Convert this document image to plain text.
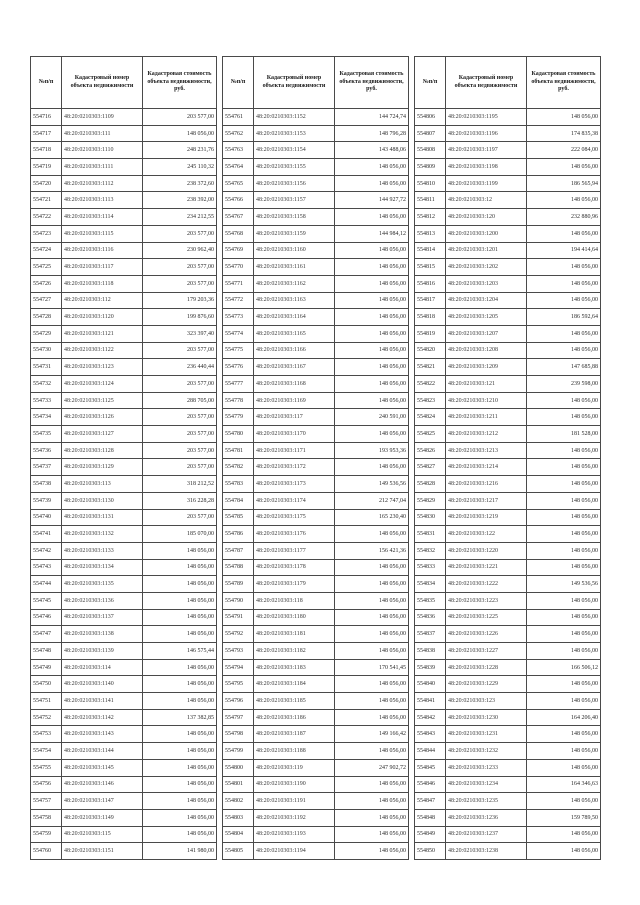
№п/п	Кадастровый номер объекта недвижимости	Кадастровая стоимость объекта недвижимости, руб.
554716	48:20:0210303:1109	203 577,00
554717	48:20:0210303:111	148 056,00
554718	48:20:0210303:1110	248 231,76
554719	48:20:0210303:1111	245 110,32
554720	48:20:0210303:1112	238 372,60
554721	48:20:0210303:1113	238 392,00
554722	48:20:0210303:1114	234 212,55
554723	48:20:0210303:1115	203 577,00
554724	48:20:0210303:1116	230 962,40
554725	48:20:0210303:1117	203 577,00
554726	48:20:0210303:1118	203 577,00
554727	48:20:0210303:112	179 203,36
554728	48:20:0210303:1120	199 876,60
554729	48:20:0210303:1121	323 397,40
554730	48:20:0210303:1122	203 577,00
554731	48:20:0210303:1123	236 440,44
554732	48:20:0210303:1124	203 577,00
554733	48:20:0210303:1125	288 705,00
554734	48:20:0210303:1126	203 577,00
554735	48:20:0210303:1127	203 577,00
554736	48:20:0210303:1128	203 577,00
554737	48:20:0210303:1129	203 577,00
554738	48:20:0210303:113	318 212,52
554739	48:20:0210303:1130	316 228,28
554740	48:20:0210303:1131	203 577,00
554741	48:20:0210303:1132	185 070,00
554742	48:20:0210303:1133	148 056,00
554743	48:20:0210303:1134	148 056,00
554744	48:20:0210303:1135	148 056,00
554745	48:20:0210303:1136	148 056,00
554746	48:20:0210303:1137	148 056,00
554747	48:20:0210303:1138	148 056,00
554748	48:20:0210303:1139	146 575,44
554749	48:20:0210303:114	148 056,00
554750	48:20:0210303:1140	148 056,00
554751	48:20:0210303:1141	148 056,00
554752	48:20:0210303:1142	137 382,85
554753	48:20:0210303:1143	148 056,00
554754	48:20:0210303:1144	148 056,00
554755	48:20:0210303:1145	148 056,00
554756	48:20:0210303:1146	148 056,00
554757	48:20:0210303:1147	148 056,00
554758	48:20:0210303:1149	148 056,00
554759	48:20:0210303:115	148 056,00
554760	48:20:0210303:1151	141 980,00
№п/п	Кадастровый номер объекта недвижимости	Кадастровая стоимость объекта недвижимости, руб.
554761	48:20:0210303:1152	144 724,74
554762	48:20:0210303:1153	148 796,28
554763	48:20:0210303:1154	143 488,06
554764	48:20:0210303:1155	148 056,00
554765	48:20:0210303:1156	148 056,00
554766	48:20:0210303:1157	144 927,72
554767	48:20:0210303:1158	148 056,00
554768	48:20:0210303:1159	144 984,12
554769	48:20:0210303:1160	148 056,00
554770	48:20:0210303:1161	148 056,00
554771	48:20:0210303:1162	148 056,00
554772	48:20:0210303:1163	148 056,00
554773	48:20:0210303:1164	148 056,00
554774	48:20:0210303:1165	148 056,00
554775	48:20:0210303:1166	148 056,00
554776	48:20:0210303:1167	148 056,00
554777	48:20:0210303:1168	148 056,00
554778	48:20:0210303:1169	148 056,00
554779	48:20:0210303:117	240 591,00
554780	48:20:0210303:1170	148 056,00
554781	48:20:0210303:1171	193 953,36
554782	48:20:0210303:1172	148 056,00
554783	48:20:0210303:1173	149 536,56
554784	48:20:0210303:1174	212 747,04
554785	48:20:0210303:1175	165 230,40
554786	48:20:0210303:1176	148 056,00
554787	48:20:0210303:1177	156 421,36
554788	48:20:0210303:1178	148 056,00
554789	48:20:0210303:1179	148 056,00
554790	48:20:0210303:118	148 056,00
554791	48:20:0210303:1180	148 056,00
554792	48:20:0210303:1181	148 056,00
554793	48:20:0210303:1182	148 056,00
554794	48:20:0210303:1183	170 541,45
554795	48:20:0210303:1184	148 056,00
554796	48:20:0210303:1185	148 056,00
554797	48:20:0210303:1186	148 056,00
554798	48:20:0210303:1187	149 166,42
554799	48:20:0210303:1188	148 056,00
554800	48:20:0210303:119	247 902,72
554801	48:20:0210303:1190	148 056,00
554802	48:20:0210303:1191	148 056,00
554803	48:20:0210303:1192	148 056,00
554804	48:20:0210303:1193	148 056,00
554805	48:20:0210303:1194	148 056,00
№п/п	Кадастровый номер объекта недвижимости	Кадастровая стоимость объекта недвижимости, руб.
554806	48:20:0210303:1195	148 056,00
554807	48:20:0210303:1196	174 835,38
554808	48:20:0210303:1197	222 084,00
554809	48:20:0210303:1198	148 056,00
554810	48:20:0210303:1199	186 565,94
554811	48:20:0210303:12	148 056,00
554812	48:20:0210303:120	232 880,96
554813	48:20:0210303:1200	148 056,00
554814	48:20:0210303:1201	194 414,64
554815	48:20:0210303:1202	148 056,00
554816	48:20:0210303:1203	148 056,00
554817	48:20:0210303:1204	148 056,00
554818	48:20:0210303:1205	186 592,64
554819	48:20:0210303:1207	148 056,00
554820	48:20:0210303:1208	148 056,00
554821	48:20:0210303:1209	147 685,88
554822	48:20:0210303:121	239 598,00
554823	48:20:0210303:1210	148 056,00
554824	48:20:0210303:1211	148 056,00
554825	48:20:0210303:1212	181 528,00
554826	48:20:0210303:1213	148 056,00
554827	48:20:0210303:1214	148 056,00
554828	48:20:0210303:1216	148 056,00
554829	48:20:0210303:1217	148 056,00
554830	48:20:0210303:1219	148 056,00
554831	48:20:0210303:122	148 056,00
554832	48:20:0210303:1220	148 056,00
554833	48:20:0210303:1221	148 056,00
554834	48:20:0210303:1222	149 536,56
554835	48:20:0210303:1223	148 056,00
554836	48:20:0210303:1225	148 056,00
554837	48:20:0210303:1226	148 056,00
554838	48:20:0210303:1227	148 056,00
554839	48:20:0210303:1228	166 506,12
554840	48:20:0210303:1229	148 056,00
554841	48:20:0210303:123	148 056,00
554842	48:20:0210303:1230	164 206,40
554843	48:20:0210303:1231	148 056,00
554844	48:20:0210303:1232	148 056,00
554845	48:20:0210303:1233	148 056,00
554846	48:20:0210303:1234	164 346,63
554847	48:20:0210303:1235	148 056,00
554848	48:20:0210303:1236	159 789,50
554849	48:20:0210303:1237	148 056,00
554850	48:20:0210303:1238	148 056,00
